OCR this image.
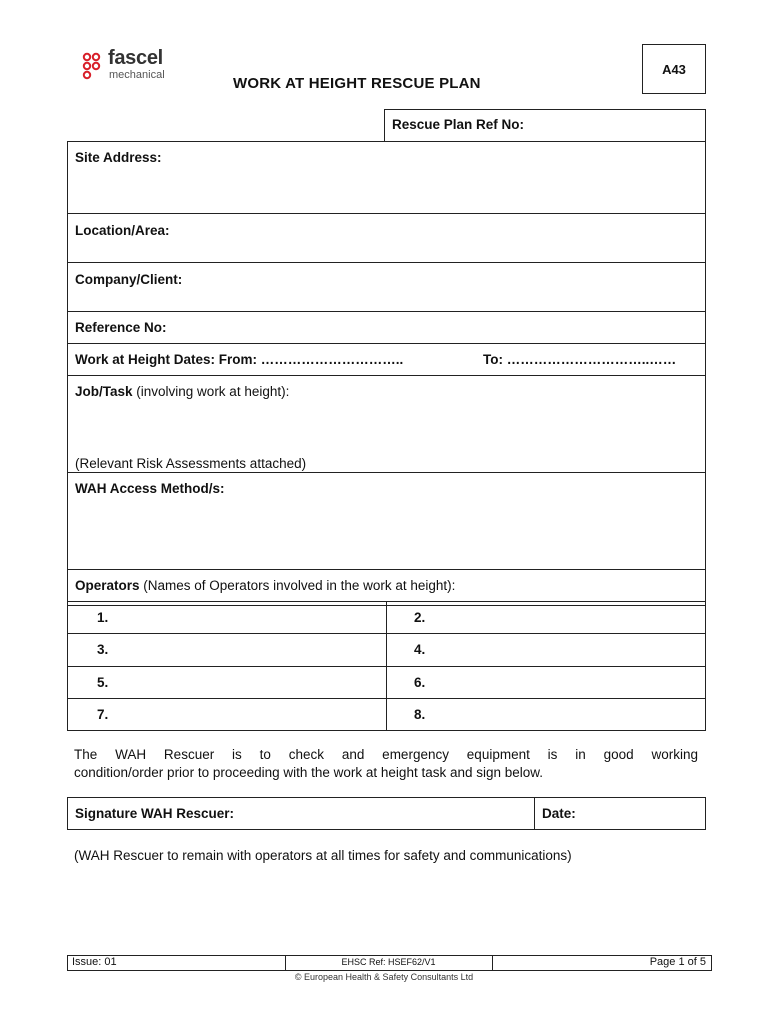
fascel
mechanical	WORK AT HEIGHT RESCUE PLAN
A43
Rescue Plan Ref No:
Site Address:
Location/Area:
Company/Client:
Reference No:
Work at Height Dates: From: …………………………..	To: …………………………..……
Job/Task (involving work at height):
(Relevant Risk Assessments attached)
WAH Access Method/s:
Operators (Names of Operators involved in the work at height):
1.	2.
3.	4.
5.	6.
7.	8.
The WAH Rescuer is to check and emergency equipment is in good working
condition/order prior to proceeding with the work at height task and sign below.
Signature WAH Rescuer:	Date:
(WAH Rescuer to remain with operators at all times for safety and communications)
Issue: 01	EHSC Ref: HSEF62/V1	Page 1 of 5
© European Health & Safety Consultants Ltd
